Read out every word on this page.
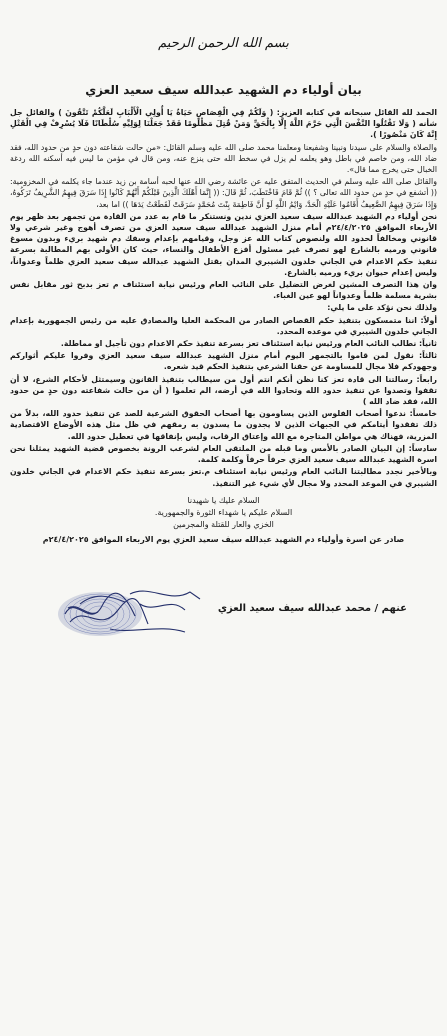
بسم الله الرحمن الرحيم
بيان أولياء دم الشهيد عبدالله سيف سعيد العزي

الحمد لله القائل سبحانه في كتابه العزيز: ( وَلَكُمْ فِي الْقِصَاصِ حَيَاةٌ يَا أُولِي الْأَلْبَابِ لَعَلَّكُمْ تَتَّقُونَ ) والقائل جل شأنه ( وَلَا تَقْتُلُوا النَّفْسَ الَّتِي حَرَّمَ اللَّهُ إِلَّا بِالْحَقِّ وَمَنْ قُتِلَ مَظْلُومًا فَقَدْ جَعَلْنَا لِوَلِيِّهِ سُلْطَانًا فَلَا يُسْرِفْ فِي الْقَتْلِ إِنَّهُ كَانَ مَنْصُورًا ).

والصلاة والسلام على سيدنا ونبينا وشفيعنا ومعلمنا محمد صلى الله عليه وسلم القائل: «من حالت شفاعته دون حدٍ من حدود الله، فقد ضاد الله، ومن خاصم في باطل وهو يعلمه لم يزل في سخط الله حتى ينزع عنه، ومن قال في مؤمن ما ليس فيه أسكنه الله ردغة الخبال حتى يخرج مما قال».

والقائل صلى الله عليه وسلم في الحديث المتفق عليه عن عائشة رضي الله عنها لحبه أسامة بن زيد عندما جاء يكلمه في المخزومية: (( أتشفع في حدٍ من حدود الله تعالى ؟ )) ثُمَّ قَامَ فَاخْتَطَبَ، ثُمَّ قَالَ: (( إِنَّمَا أَهْلَكَ الَّذِينَ قَبْلَكُمْ أَنَّهُمْ كَانُوا إِذَا سَرَقَ فِيهِمُ الشَّرِيفُ تَرَكُوهُ، وَإِذَا سَرَقَ فِيهِمُ الضَّعِيفُ أَقَامُوا عَلَيْهِ الْحَدَّ، وَايْمُ اللَّهِ لَوْ أَنَّ فَاطِمَةَ بِنْتَ مُحَمَّدٍ سَرَقَتْ لَقَطَعْتُ يَدَهَا )) اما بعد،

نحن أولياء دم الشهيد عبدالله سيف سعيد العزي ندين ونستنكر ما قام به عدد من القادة من تجمهر بعد ظهر يوم الأربعاء الموافق ٢٤/٤/٢٠٢٥م أمام منزل الشهيد عبدالله سيف سعيد العزي من تصرف أهوج وغير شرعي ولا قانوني ومخالفاً لحدود الله ولنصوص كتاب الله عز وجل، وقيامهم بإعدام وسفك دم شهيد بريء وبدون مسوغ قانوني ورميه بالشارع لهو تصرف غير مسئول أفزع الأطفال والنساء، حيث كان الأولى بهم المطالبة بسرعة تنفيذ حكم الاعدام في الجاني خلدون الشيبري المدان بقتل الشهيد عبدالله سيف سعيد العزي ظلماً وعدواناً، وليس إعدام حيوان بريء ورميه بالشارع.

وان هذا التصرف المشين لغرض التضليل على النائب العام ورئيس نيابة استئناف م تعز بدبح ثور مقابل نفس بشرية مسلمة ظلماً وعدواناً لهو عين الغباء.

ولذلك نحن نؤكد على ما يلي:

أولاً: اننا متمسكون بتنفيذ حكم القصاص الصادر من المحكمة العليا والمصادق عليه من رئيس الجمهورية بإعدام الجاني خلدون الشيبري في موعده المحدد.

ثانياً: نطالب النائب العام ورئيس نيابة استئناف تعز بسرعة تنفيذ حكم الاعدام دون تأجيل او مماطلة.

ثالثاً: نقول لمن قاموا بالتجمهر اليوم أمام منزل الشهيد عبدالله سيف سعيد العزي وفروا عليكم أثواركم وجهودكم فلا مجال للمساومة عن حقنا الشرعي بتنفيذ الحكم قيد شعره.

رابعاً: رسالتنا الى قادة تعز كنا نظن أنكم انتم أول من سيطالب بتنفيذ القانون وسيمتثل لأحكام الشرع، لا أن تقفوا وتصدوا عن تنفيذ حدود الله وتحادوا الله في أرضه، الم تعلموا ( أن من حالت شفاعته دون حدٍ من حدود الله، فقد ضاد الله )

خامساً: ندعوا أصحاب الفلوس الذين يساومون بها أصحاب الحقوق الشرعية للصد عن تنفيذ حدود الله، بدلاً من ذلك تفقدوا أيتامكم في الجبهات الذين لا يجدون ما يسدون به رمقهم في ظل مثل هذه الأوضاع الاقتصادية المزرية، فهناك هي مواطن المتاجرة مع الله وإعتاق الرقاب، وليس بإنفاقها في تعطيل حدود الله.

سادساً: إن البيان الصادر بالأمس وما قبله من الملتقى العام لشرعب الرونة بخصوص قضية الشهيد يمثلنا نحن اسرة الشهيد عبدالله سيف سعيد العزي حرفاً حرفاً وكلمة كلمة.

وبالأخير نجدد مطالبتنا النائب العام ورئيس نيابة استئناف م.تعز بسرعة تنفيذ حكم الاعدام في الجاني خلدون الشيبري في الموعد المحدد ولا مجال لأي شيء غير التنفيذ.

السلام عليك يا شهيدنا
السلام عليكم يا شهداء الثورة والجمهورية.
الخزي والعار للقتلة والمجرمين
صادر عن اسرة وأولياء دم الشهيد عبدالله سيف سعيد العزي يوم الاربعاء الموافق ٢٤/٤/٢٠٢٥م
عنهم / محمد عبدالله سيف سعيد العزي
